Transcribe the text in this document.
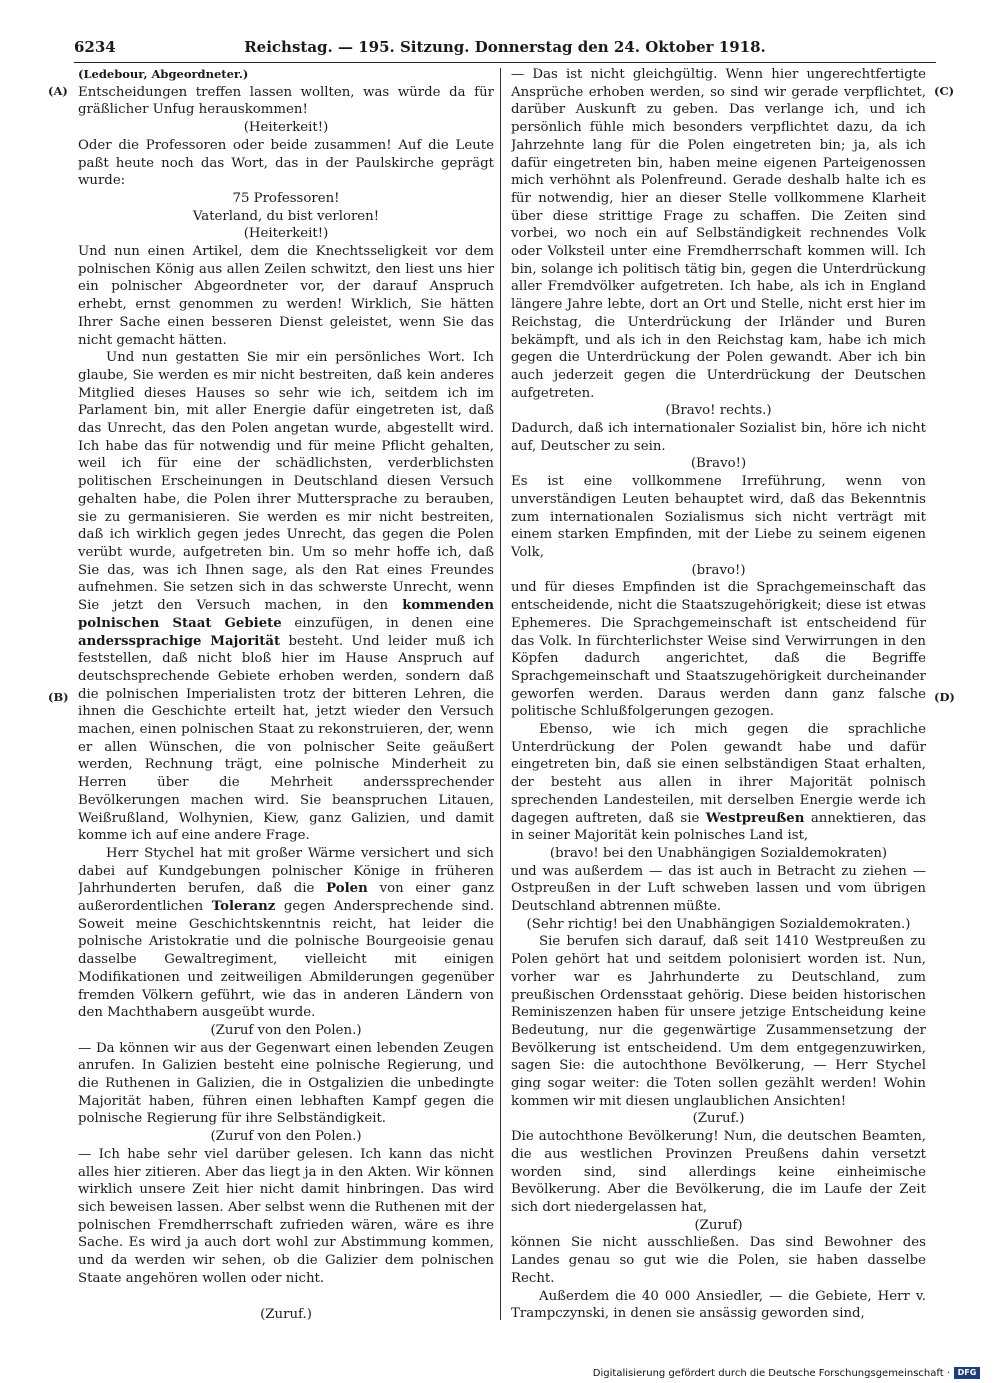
6234	Reichstag. — 195. Sitzung. Donnerstag den 24. Oktober 1918.
(A)
(B)
(C)
(D)

(Ledebour, Abgeordneter.)

Entscheidungen treffen lassen wollten, was würde da für gräßlicher Unfug herauskommen!

(Heiterkeit!)

Oder die Professoren oder beide zusammen! Auf die Leute paßt heute noch das Wort, das in der Paulskirche geprägt wurde:

75 Professoren!

Vaterland, du bist verloren!

(Heiterkeit!)

Und nun einen Artikel, dem die Knechtsseligkeit vor dem polnischen König aus allen Zeilen schwitzt, den liest uns hier ein polnischer Abgeordneter vor, der darauf Anspruch erhebt, ernst genommen zu werden! Wirklich, Sie hätten Ihrer Sache einen besseren Dienst geleistet, wenn Sie das nicht gemacht hätten.

Und nun gestatten Sie mir ein persönliches Wort. Ich glaube, Sie werden es mir nicht bestreiten, daß kein anderes Mitglied dieses Hauses so sehr wie ich, seitdem ich im Parlament bin, mit aller Energie dafür eingetreten ist, daß das Unrecht, das den Polen angetan wurde, abgestellt wird. Ich habe das für notwendig und für meine Pflicht gehalten, weil ich für eine der schädlichsten, verderblichsten politischen Erscheinungen in Deutschland diesen Versuch gehalten habe, die Polen ihrer Muttersprache zu berauben, sie zu germanisieren. Sie werden es mir nicht bestreiten, daß ich wirklich gegen jedes Unrecht, das gegen die Polen verübt wurde, aufgetreten bin. Um so mehr hoffe ich, daß Sie das, was ich Ihnen sage, als den Rat eines Freundes aufnehmen. Sie setzen sich in das schwerste Unrecht, wenn Sie jetzt den Versuch machen, in den kommenden polnischen Staat Gebiete einzufügen, in denen eine anderssprachige Majorität besteht. Und leider muß ich feststellen, daß nicht bloß hier im Hause Anspruch auf deutschsprechende Gebiete erhoben werden, sondern daß die polnischen Imperialisten trotz der bitteren Lehren, die ihnen die Geschichte erteilt hat, jetzt wieder den Versuch machen, einen polnischen Staat zu rekonstruieren, der, wenn er allen Wünschen, die von polnischer Seite geäußert werden, Rechnung trägt, eine polnische Minderheit zu Herren über die Mehrheit anderssprechender Bevölkerungen machen wird. Sie beanspruchen Litauen, Weißrußland, Wolhynien, Kiew, ganz Galizien, und damit komme ich auf eine andere Frage.

Herr Stychel hat mit großer Wärme versichert und sich dabei auf Kundgebungen polnischer Könige in früheren Jahrhunderten berufen, daß die Polen von einer ganz außerordentlichen Toleranz gegen Andersprechende sind. Soweit meine Geschichtskenntnis reicht, hat leider die polnische Aristokratie und die polnische Bourgeoisie genau dasselbe Gewaltregiment, vielleicht mit einigen Modifikationen und zeitweiligen Abmilderungen gegenüber fremden Völkern geführt, wie das in anderen Ländern von den Machthabern ausgeübt wurde.

(Zuruf von den Polen.)

— Da können wir aus der Gegenwart einen lebenden Zeugen anrufen. In Galizien besteht eine polnische Regierung, und die Ruthenen in Galizien, die in Ostgalizien die unbedingte Majorität haben, führen einen lebhaften Kampf gegen die polnische Regierung für ihre Selbständigkeit.

(Zuruf von den Polen.)

— Ich habe sehr viel darüber gelesen. Ich kann das nicht alles hier zitieren. Aber das liegt ja in den Akten. Wir können wirklich unsere Zeit hier nicht damit hinbringen. Das wird sich beweisen lassen. Aber selbst wenn die Ruthenen mit der polnischen Fremdherrschaft zufrieden wären, wäre es ihre Sache. Es wird ja auch dort wohl zur Abstimmung kommen, und da werden wir sehen, ob die Galizier dem polnischen Staate angehören wollen oder nicht.

(Zuruf.)

— Das ist nicht gleichgültig. Wenn hier ungerechtfertigte Ansprüche erhoben werden, so sind wir gerade verpflichtet, darüber Auskunft zu geben. Das verlange ich, und ich persönlich fühle mich besonders verpflichtet dazu, da ich Jahrzehnte lang für die Polen eingetreten bin; ja, als ich dafür eingetreten bin, haben meine eigenen Parteigenossen mich verhöhnt als Polenfreund. Gerade deshalb halte ich es für notwendig, hier an dieser Stelle vollkommene Klarheit über diese strittige Frage zu schaffen. Die Zeiten sind vorbei, wo noch ein auf Selbständigkeit rechnendes Volk oder Volksteil unter eine Fremdherrschaft kommen will. Ich bin, solange ich politisch tätig bin, gegen die Unterdrückung aller Fremdvölker aufgetreten. Ich habe, als ich in England längere Jahre lebte, dort an Ort und Stelle, nicht erst hier im Reichstag, die Unterdrückung der Irländer und Buren bekämpft, und als ich in den Reichstag kam, habe ich mich gegen die Unterdrückung der Polen gewandt. Aber ich bin auch jederzeit gegen die Unterdrückung der Deutschen aufgetreten.

(Bravo! rechts.)

Dadurch, daß ich internationaler Sozialist bin, höre ich nicht auf, Deutscher zu sein.

(Bravo!)

Es ist eine vollkommene Irreführung, wenn von unverständigen Leuten behauptet wird, daß das Bekenntnis zum internationalen Sozialismus sich nicht verträgt mit einem starken Empfinden, mit der Liebe zu seinem eigenen Volk,

(bravo!)

und für dieses Empfinden ist die Sprachgemeinschaft das entscheidende, nicht die Staatszugehörigkeit; diese ist etwas Ephemeres. Die Sprachgemeinschaft ist entscheidend für das Volk. In fürchterlichster Weise sind Verwirrungen in den Köpfen dadurch angerichtet, daß die Begriffe Sprachgemeinschaft und Staatszugehörigkeit durcheinander geworfen werden. Daraus werden dann ganz falsche politische Schlußfolgerungen gezogen.

Ebenso, wie ich mich gegen die sprachliche Unterdrückung der Polen gewandt habe und dafür eingetreten bin, daß sie einen selbständigen Staat erhalten, der besteht aus allen in ihrer Majorität polnisch sprechenden Landesteilen, mit derselben Energie werde ich dagegen auftreten, daß sie Westpreußen annektieren, das in seiner Majorität kein polnisches Land ist,

(bravo! bei den Unabhängigen Sozialdemokraten)

und was außerdem — das ist auch in Betracht zu ziehen — Ostpreußen in der Luft schweben lassen und vom übrigen Deutschland abtrennen müßte.

(Sehr richtig! bei den Unabhängigen Sozialdemokraten.)

Sie berufen sich darauf, daß seit 1410 Westpreußen zu Polen gehört hat und seitdem polonisiert worden ist. Nun, vorher war es Jahrhunderte zu Deutschland, zum preußischen Ordensstaat gehörig. Diese beiden historischen Reminiszenzen haben für unsere jetzige Entscheidung keine Bedeutung, nur die gegenwärtige Zusammensetzung der Bevölkerung ist entscheidend. Um dem entgegenzuwirken, sagen Sie: die autochthone Bevölkerung, — Herr Stychel ging sogar weiter: die Toten sollen gezählt werden! Wohin kommen wir mit diesen unglaublichen Ansichten!

(Zuruf.)

Die autochthone Bevölkerung! Nun, die deutschen Beamten, die aus westlichen Provinzen Preußens dahin versetzt worden sind, sind allerdings keine einheimische Bevölkerung. Aber die Bevölkerung, die im Laufe der Zeit sich dort niedergelassen hat,

(Zuruf)

können Sie nicht ausschließen. Das sind Bewohner des Landes genau so gut wie die Polen, sie haben dasselbe Recht.

Außerdem die 40 000 Ansiedler, — die Gebiete, Herr v. Trampczynski, in denen sie ansässig geworden sind,

Digitalisierung gefördert durch die Deutsche Forschungsgemeinschaft · DFG
